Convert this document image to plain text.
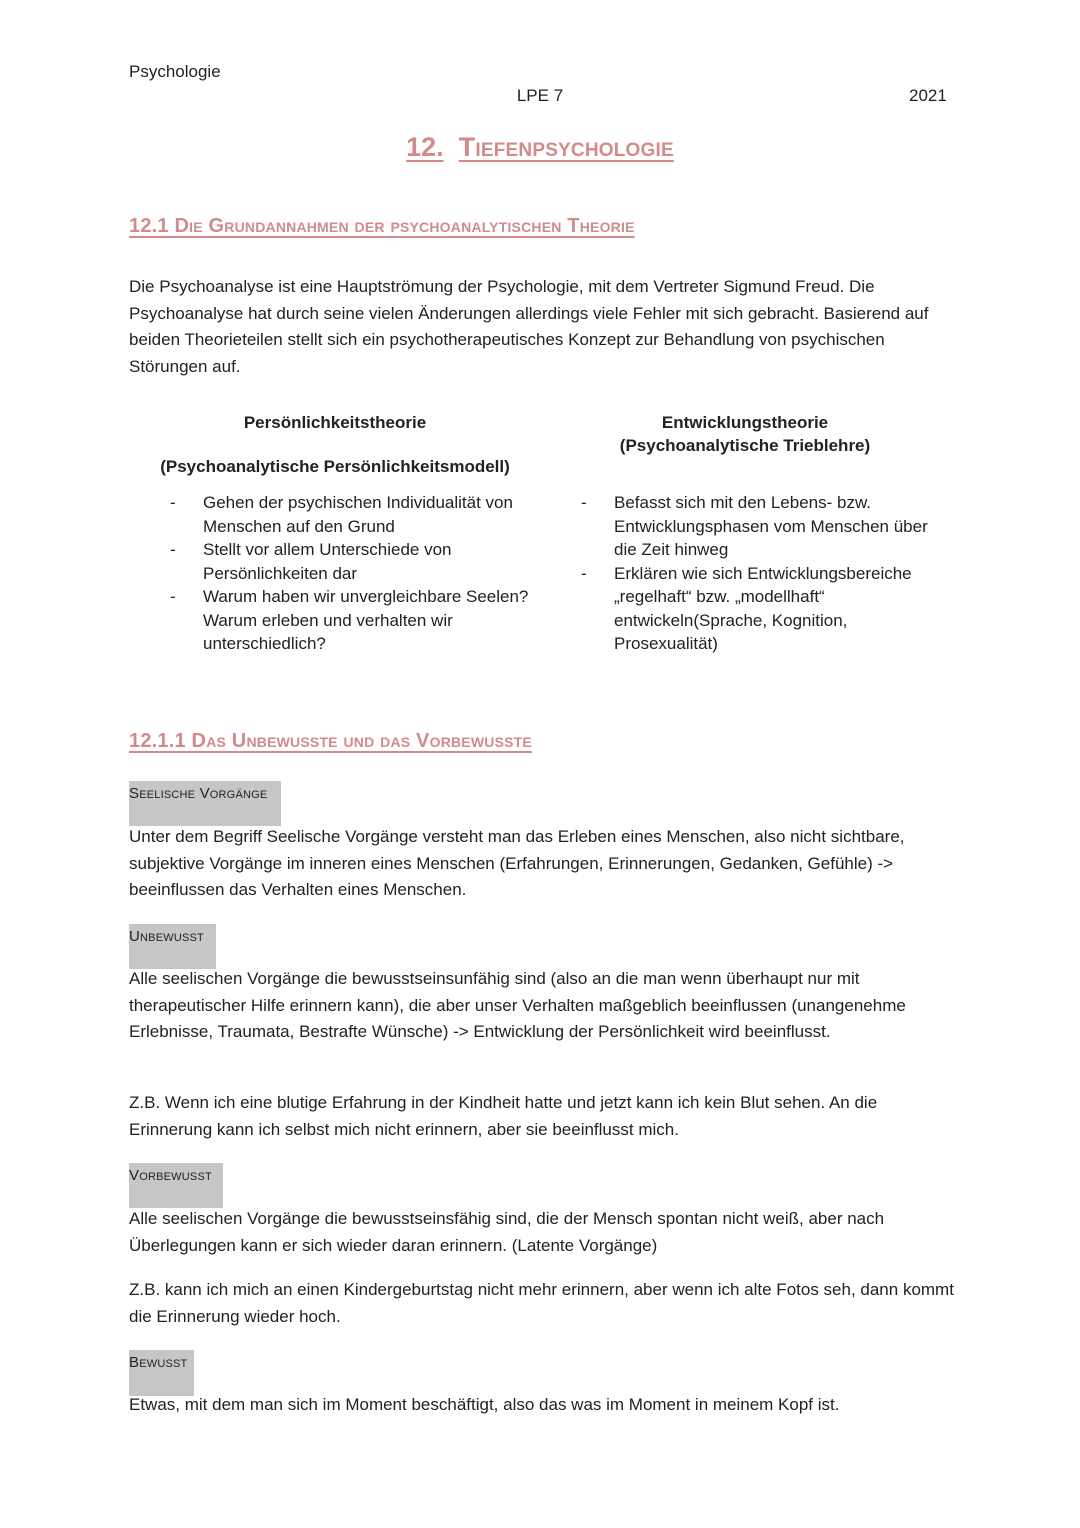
Psychologie
LPE 7	2021
12. Tiefenpsychologie
12.1 Die Grundannahmen der psychoanalytischen Theorie

Die Psychoanalyse ist eine Hauptströmung der Psychologie, mit dem Vertreter Sigmund Freud. Die Psychoanalyse hat durch seine vielen Änderungen allerdings viele Fehler mit sich gebracht. Basierend auf beiden Theorieteilen stellt sich ein psychotherapeutisches Konzept zur Behandlung von psychischen Störungen auf.

Persönlichkeitstheorie
(Psychoanalytische Persönlichkeitsmodell)
- Gehen der psychischen Individualität von Menschen auf den Grund
- Stellt vor allem Unterschiede von Persönlichkeiten dar
- Warum haben wir unvergleichbare Seelen? Warum erleben und verhalten wir unterschiedlich?
Entwicklungstheorie
(Psychoanalytische Trieblehre)
- Befasst sich mit den Lebens- bzw. Entwicklungsphasen vom Menschen über die Zeit hinweg
- Erklären wie sich Entwicklungsbereiche „regelhaft“ bzw. „modellhaft“ entwickeln(Sprache, Kognition, Prosexualität)
12.1.1 Das Unbewusste und das Vorbewusste
Seelische Vorgänge

Unter dem Begriff Seelische Vorgänge versteht man das Erleben eines Menschen, also nicht sichtbare, subjektive Vorgänge im inneren eines Menschen (Erfahrungen, Erinnerungen, Gedanken, Gefühle) -> beeinflussen das Verhalten eines Menschen.

Unbewusst

Alle seelischen Vorgänge die bewusstseinsunfähig sind (also an die man wenn überhaupt nur mit therapeutischer Hilfe erinnern kann), die aber unser Verhalten maßgeblich beeinflussen (unangenehme Erlebnisse, Traumata, Bestrafte Wünsche) -> Entwicklung der Persönlichkeit wird beeinflusst.

Z.B. Wenn ich eine blutige Erfahrung in der Kindheit hatte und jetzt kann ich kein Blut sehen. An die Erinnerung kann ich selbst mich nicht erinnern, aber sie beeinflusst mich.

Vorbewusst

Alle seelischen Vorgänge die bewusstseinsfähig sind, die der Mensch spontan nicht weiß, aber nach Überlegungen kann er sich wieder daran erinnern. (Latente Vorgänge)

Z.B. kann ich mich an einen Kindergeburtstag nicht mehr erinnern, aber wenn ich alte Fotos seh, dann kommt die Erinnerung wieder hoch.

Bewusst

Etwas, mit dem man sich im Moment beschäftigt, also das was im Moment in meinem Kopf ist.
